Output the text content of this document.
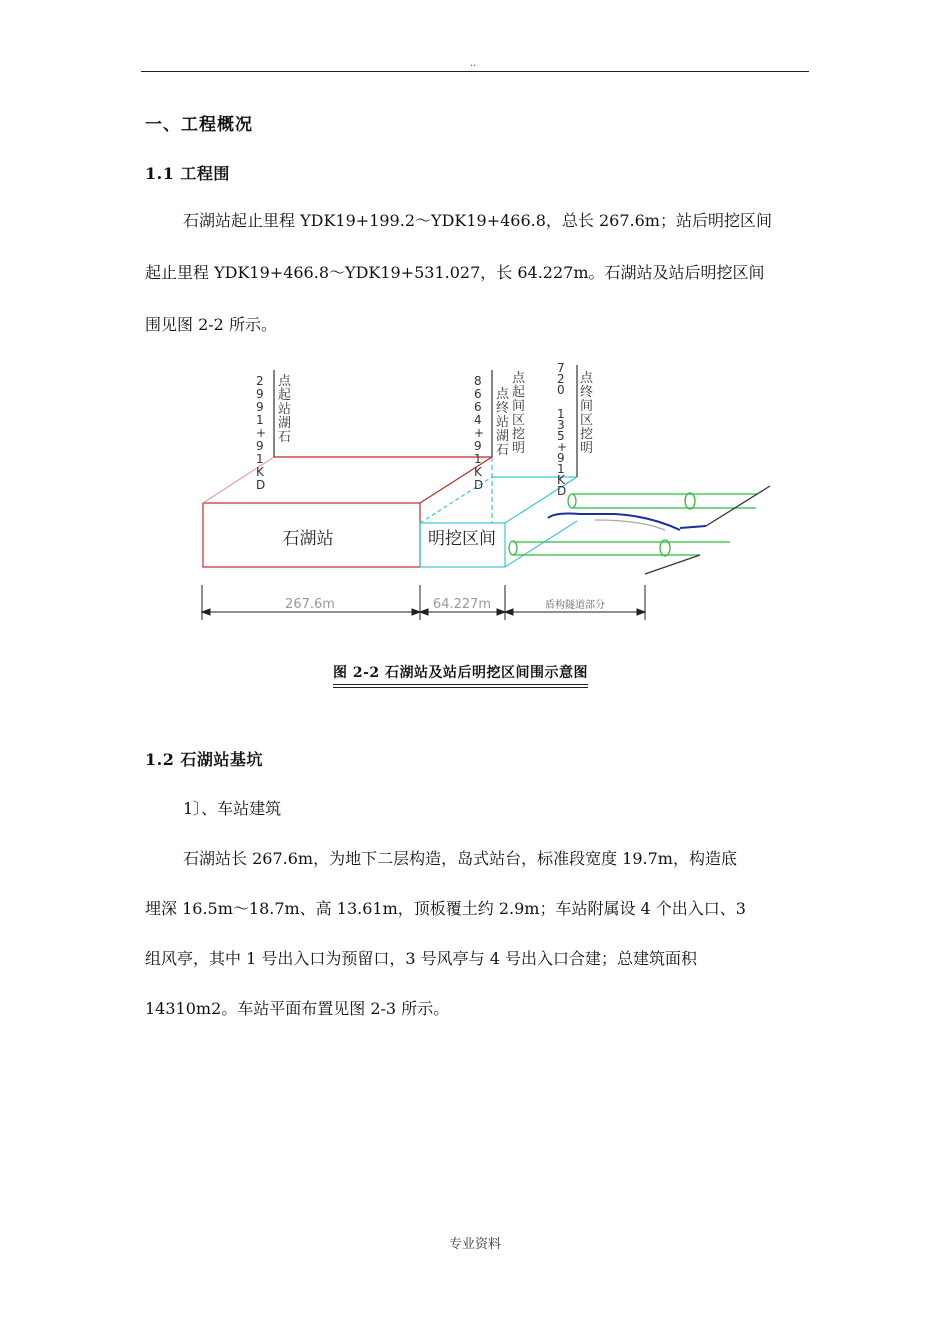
..
一、工程概况
1.1 工程围
石湖站起止里程 YDK19+199.2～YDK19+466.8，总长 267.6m；站后明挖区间
起止里程 YDK19+466.8～YDK19+531.027，长 64.227m。石湖站及站后明挖区间
围见图 2-2 所示。
石湖站	明挖区间
点起站湖石
2 9 9 1 + 9 1 K D
点终站湖石
8 6 6 4 + 9 1 K D
点起间区挖明
7 2 0 1 3 5 + 9 1 K D
点终间区挖明
267.6m	64.227m	盾构隧道部分
图 2-2 石湖站及站后明挖区间围示意图
1.2 石湖站基坑
1〕、车站建筑
石湖站长 267.6m，为地下二层构造，岛式站台，标准段宽度 19.7m，构造底
埋深 16.5m～18.7m、高 13.61m，顶板覆土约 2.9m；车站附属设 4 个出入口、3
组风亭，其中 1 号出入口为预留口，3 号风亭与 4 号出入口合建；总建筑面积
14310m2。车站平面布置见图 2-3 所示。
专业资料
